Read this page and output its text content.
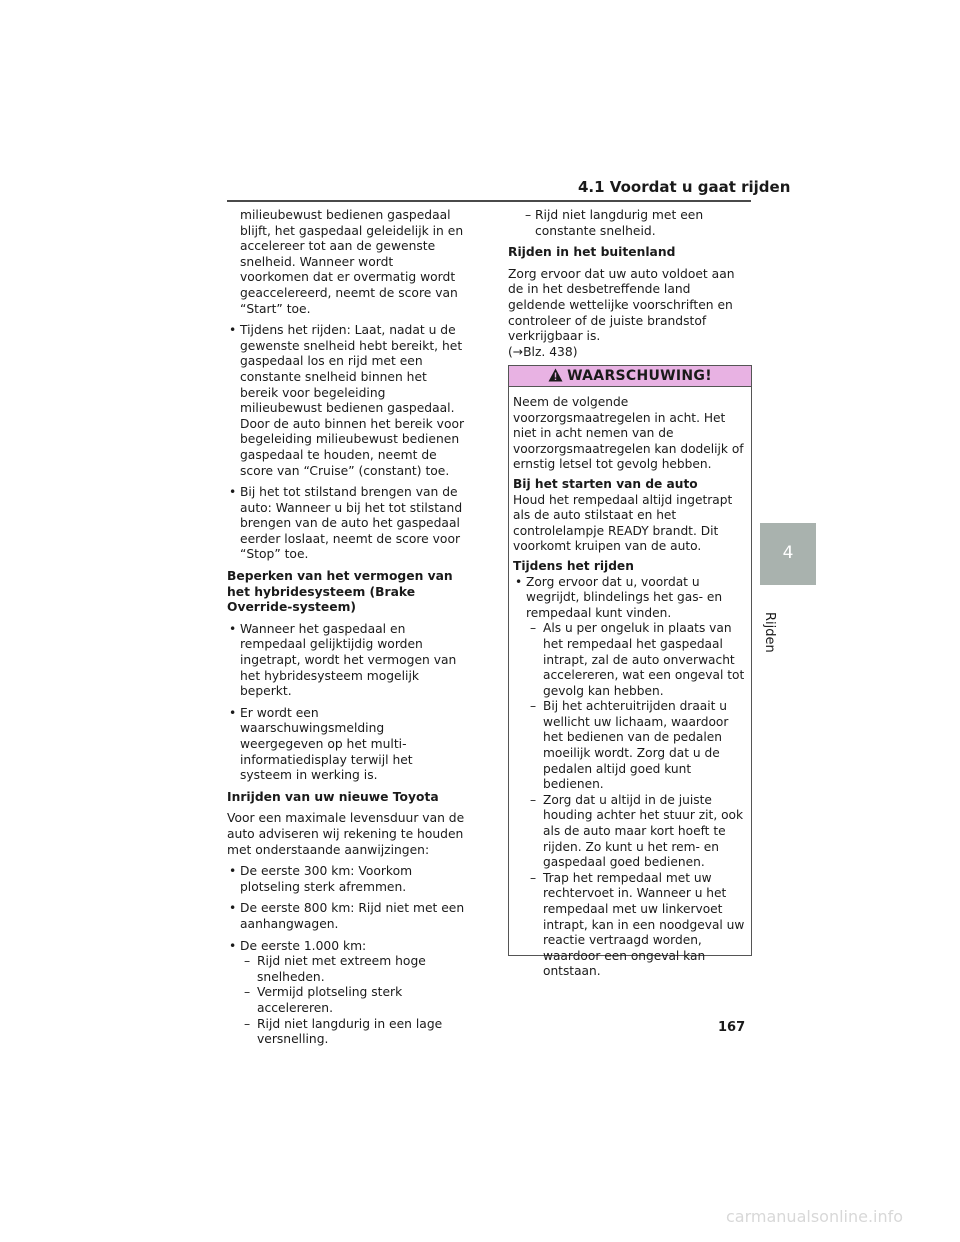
4.1 Voordat u gaat rijden

milieubewust bedienen gaspedaal blijft, het gaspedaal geleidelijk in en accelereer tot aan de gewenste snelheid. Wanneer wordt voorkomen dat er overmatig wordt geaccelereerd, neemt de score van “Start” toe.

• Tijdens het rijden: Laat, nadat u de gewenste snelheid hebt bereikt, het gaspedaal los en rijd met een constante snelheid binnen het bereik voor begeleiding milieubewust bedienen gaspedaal. Door de auto binnen het bereik voor begeleiding milieubewust bedienen gaspedaal te houden, neemt de score van “Cruise” (constant) toe.
• Bij het tot stilstand brengen van de auto: Wanneer u bij het tot stilstand brengen van de auto het gaspedaal eerder loslaat, neemt de score voor “Stop” toe.

Beperken van het vermogen van het hybridesysteem (Brake Override-systeem)

• Wanneer het gaspedaal en rempedaal gelijktijdig worden ingetrapt, wordt het vermogen van het hybridesysteem mogelijk beperkt.
• Er wordt een waarschuwingsmelding weergegeven op het multi-informatiedisplay terwijl het systeem in werking is.

Inrijden van uw nieuwe Toyota

Voor een maximale levensduur van de auto adviseren wij rekening te houden met onderstaande aanwijzingen:

• De eerste 300 km: Voorkom plotseling sterk afremmen.
• De eerste 800 km: Rijd niet met een aanhangwagen.
• De eerste 1.000 km:
– Rijd niet met extreem hoge snelheden.
– Vermijd plotseling sterk accelereren.
– Rijd niet langdurig in een lage versnelling.
– Rijd niet langdurig met een constante snelheid.

Rijden in het buitenland

Zorg ervoor dat uw auto voldoet aan de in het desbetreffende land geldende wettelijke voorschriften en controleer of de juiste brandstof verkrijgbaar is.

(→Blz. 438)

WAARSCHUWING!

Neem de volgende voorzorgsmaatregelen in acht. Het niet in acht nemen van de voorzorgsmaatregelen kan dodelijk of ernstig letsel tot gevolg hebben.

Bij het starten van de auto

Houd het rempedaal altijd ingetrapt als de auto stilstaat en het controlelampje READY brandt. Dit voorkomt kruipen van de auto.

Tijdens het rijden

• Zorg ervoor dat u, voordat u wegrijdt, blindelings het gas- en rempedaal kunt vinden.
– Als u per ongeluk in plaats van het rempedaal het gaspedaal intrapt, zal de auto onverwacht accelereren, wat een ongeval tot gevolg kan hebben.
– Bij het achteruitrijden draait u wellicht uw lichaam, waardoor het bedienen van de pedalen moeilijk wordt. Zorg dat u de pedalen altijd goed kunt bedienen.
– Zorg dat u altijd in de juiste houding achter het stuur zit, ook als de auto maar kort hoeft te rijden. Zo kunt u het rem- en gaspedaal goed bedienen.
– Trap het rempedaal met uw rechtervoet in. Wanneer u het rempedaal met uw linkervoet intrapt, kan in een noodgeval uw reactie vertraagd worden, waardoor een ongeval kan ontstaan.
4
Rijden
167
carmanualsonline.info
